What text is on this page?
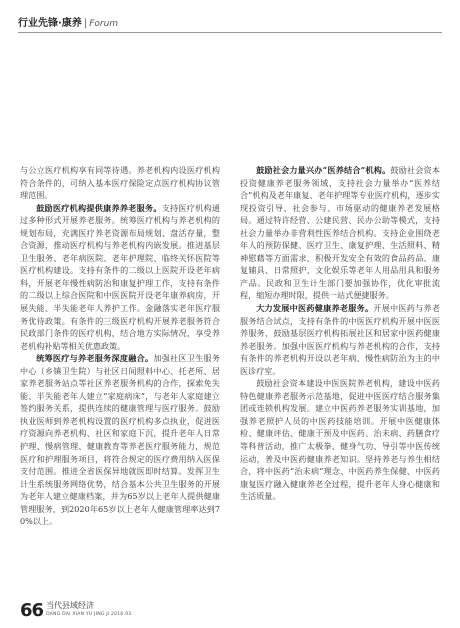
行业先锋·康养 | Forum

与公立医疗机构享有同等待遇。养老机构内设医疗机构符合条件的，可纳入基本医疗保险定点医疗机构协议管理范围。

鼓励医疗机构提供康养养老服务。支持医疗机构通过多种形式开展养老服务。统筹医疗机构与养老机构的规划布局，充满医疗养老资源布局规划、盘活存量，整合资源，推动医疗机构与养老机构内嵌发展。推进基层卫生服务、老年病医院、老年护理院、临终关怀医院等医疗机构建设。支持有条件的二级以上医院开设老年病科，开展老年慢性病防治和康复护理工作，支持有条件的二级以上综合医院和中医医院开设老年康养病房，开展失能、半失能老年人养护工作。金融落实老年医疗服务优待政策。有条件的三级医疗机构开展养老服务符合民政部门条件的医疗机构，结合地方实际情况，享受养老机构补贴等相关优惠政策。

统筹医疗与养老服务深度融合。加强社区卫生服务中心（乡镇卫生院）与社区日间照料中心、托老所、居家养老服务站点等社区养老服务机构的合作，探索免失能、半失能老年人建立“家庭病床”，与老年人家庭建立签约服务关系，提供连续的健康管理与医疗服务。鼓励执业医师到养老机构设置的医疗机构多点执业，促进医疗资源向养老机构、社区和家庭下沉，提升老年人日常护理、慢病管理、健康教育等养老医疗服务能力，规范医疗和护理服务项目，将符合规定的医疗费用纳入医保支付范围。推进全省医保异地就医即时结算。发挥卫生计生系统服务网络优势，结合基本公共卫生服务的开展为老年人建立健康档案，并为65岁以上老年人提供健康管理服务，到2020年65岁以上老年人健康管理率达到70%以上。

鼓励社会力量兴办“医养结合”机构。鼓励社会资本投资健康养老服务领域，支持社会力量举办“医养结合”机构及老年康复、老年护理等专业医疗机构，逐步实现投资引导、社会参与、市场驱动的健康养老发展格局。通过特许经营、公建民营、民办公助等模式，支持社会力量举办非营利性医养结合机构。支持企业围绕老年人的预防保健、医疗卫生、康复护理、生活照料、精神慰藉等方面需求，积极开发安全有效的食品药品、康复辅具、日常照护、文化娱乐等老年人用品用具和服务产品。民政和卫生计生部门要加强协作，优化审批流程，缩短办理时限，提供一站式便捷服务。

大力发展中医药健康养老服务。开展中医药与养老服务结合试点，支持有条件的中医医疗机构开展中医医养服务，鼓励基层医疗机构拓展社区和居家中医药健康养老服务。加强中医医疗机构与养老机构的合作，支持有条件的养老机构开设以老年病、慢性病防治为主的中医诊疗室。

鼓励社会资本建设中医医院养老机构，建设中医药特色健康养老服务示范基地，促进中医医疗结合服务集团或连锁机构发展。建立中医药养老服务实训基地，加强养老照护人员的中医药技能培训。开展中医健康体检、健康评估、健康干预及中医药、治未病、药膳食疗等科普活动，推广太极拳、健身气功、导引等中医传统运动，普及中医药健康养老知识。坚持养老与养生相结合，将中医药“治未病”理念、中医药养生保健、中医药康复医疗融入健康养老全过程，提升老年人身心健康和生活质量。

66 当代县域经济
DANG DAI XIAN YU JING JI 2016.03
